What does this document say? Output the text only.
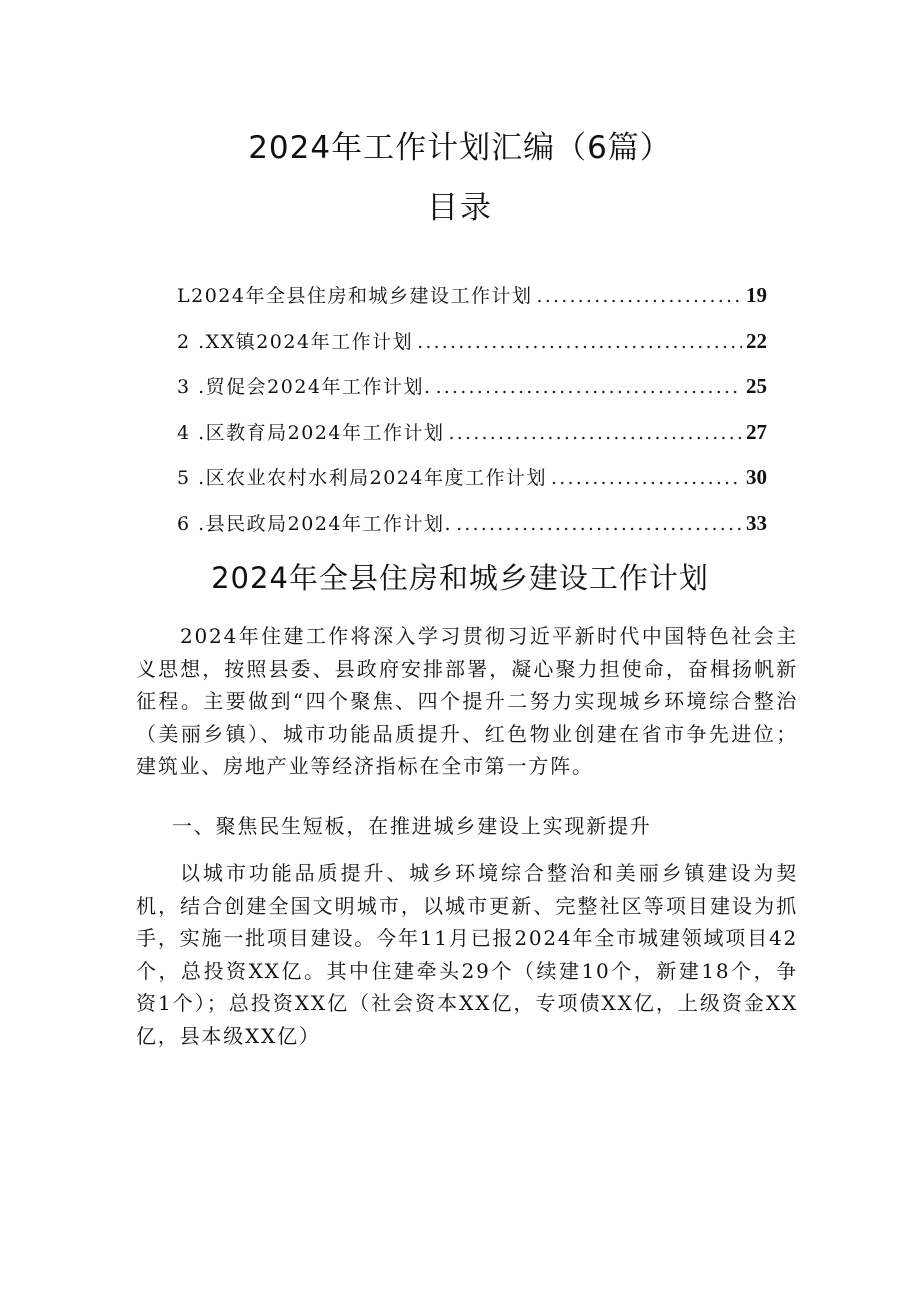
2024年工作计划汇编（6篇）
目录
L2024年全县住房和城乡建设工作计划 .....	19
2 .XX镇2024年工作计划 .....	22
3 .贸促会2024年工作计划. .....	25
4 .区教育局2024年工作计划 .....	27
5 .区农业农村水利局2024年度工作计划 .....	30
6 .县民政局2024年工作计划. .....	33
2024年全县住房和城乡建设工作计划

2024年住建工作将深入学习贯彻习近平新时代中国特色社会主义思想，按照县委、县政府安排部署，凝心聚力担使命，奋楫扬帆新征程。主要做到“四个聚焦、四个提升二努力实现城乡环境综合整治（美丽乡镇）、城市功能品质提升、红色物业创建在省市争先进位；建筑业、房地产业等经济指标在全市第一方阵。

一、聚焦民生短板，在推进城乡建设上实现新提升

以城市功能品质提升、城乡环境综合整治和美丽乡镇建设为契机，结合创建全国文明城市，以城市更新、完整社区等项目建设为抓手，实施一批项目建设。今年11月已报2024年全市城建领域项目42个，总投资XX亿。其中住建牵头29个（续建10个，新建18个，争资1个）；总投资XX亿（社会资本XX亿，专项债XX亿，上级资金XX亿，县本级XX亿）
